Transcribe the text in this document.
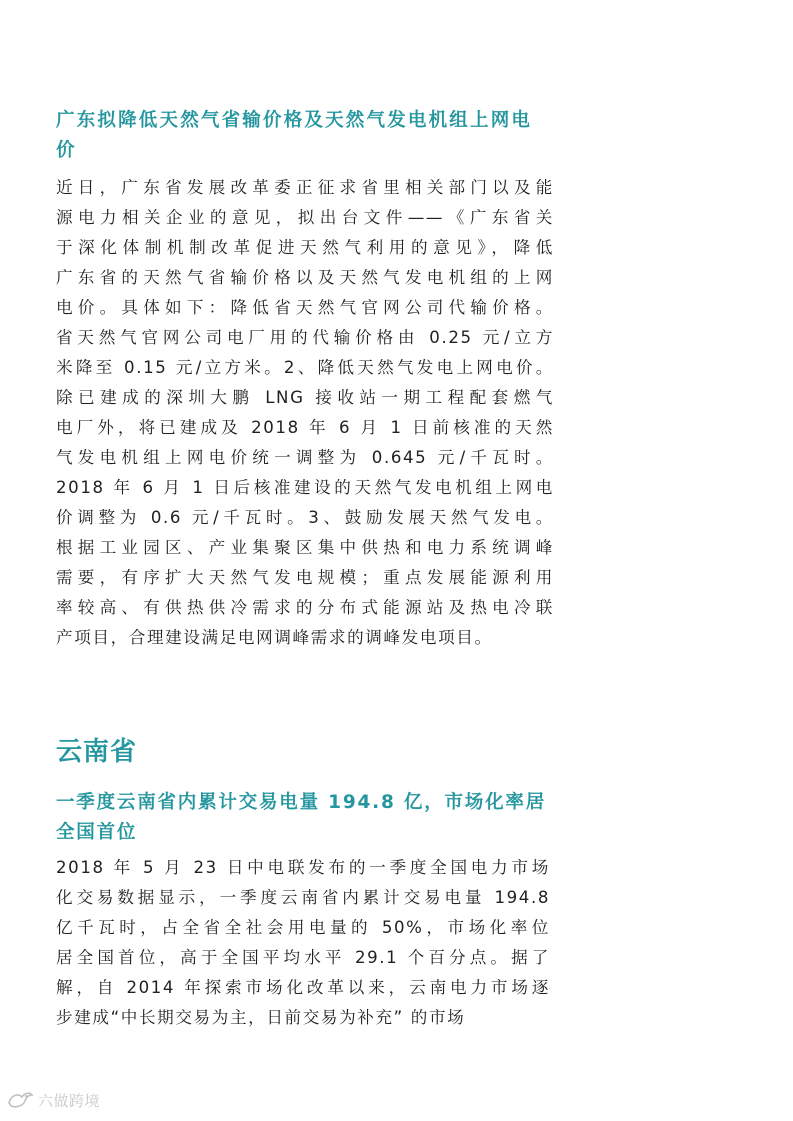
广东拟降低天然气省输价格及天然气发电机组上网电
价

近日，广东省发展改革委正征求省里相关部门以及能
源电力相关企业的意见，拟出台文件——《广东省关
于深化体制机制改革促进天然气利用的意见》，降低
广东省的天然气省输价格以及天然气发电机组的上网
电价。具体如下：降低省天然气官网公司代输价格。
省天然气官网公司电厂用的代输价格由 0.25 元/立方
米降至 0.15 元/立方米。2、降低天然气发电上网电价。
除已建成的深圳大鹏 LNG 接收站一期工程配套燃气
电厂外，将已建成及 2018 年 6 月 1 日前核准的天然
气发电机组上网电价统一调整为 0.645 元/千瓦时。
2018 年 6 月 1 日后核准建设的天然气发电机组上网电
价调整为 0.6 元/千瓦时。3、鼓励发展天然气发电。
根据工业园区、产业集聚区集中供热和电力系统调峰
需要，有序扩大天然气发电规模；重点发展能源利用
率较高、有供热供冷需求的分布式能源站及热电冷联
产项目，合理建设满足电网调峰需求的调峰发电项目。

云南省
一季度云南省内累计交易电量 194.8 亿，市场化率居
全国首位

2018 年 5 月 23 日中电联发布的一季度全国电力市场
化交易数据显示，一季度云南省内累计交易电量 194.8
亿千瓦时，占全省全社会用电量的 50%，市场化率位
居全国首位，高于全国平均水平 29.1 个百分点。据了
解，自 2014 年探索市场化改革以来，云南电力市场逐
步建成“中长期交易为主，日前交易为补充” 的市场

六做跨境
